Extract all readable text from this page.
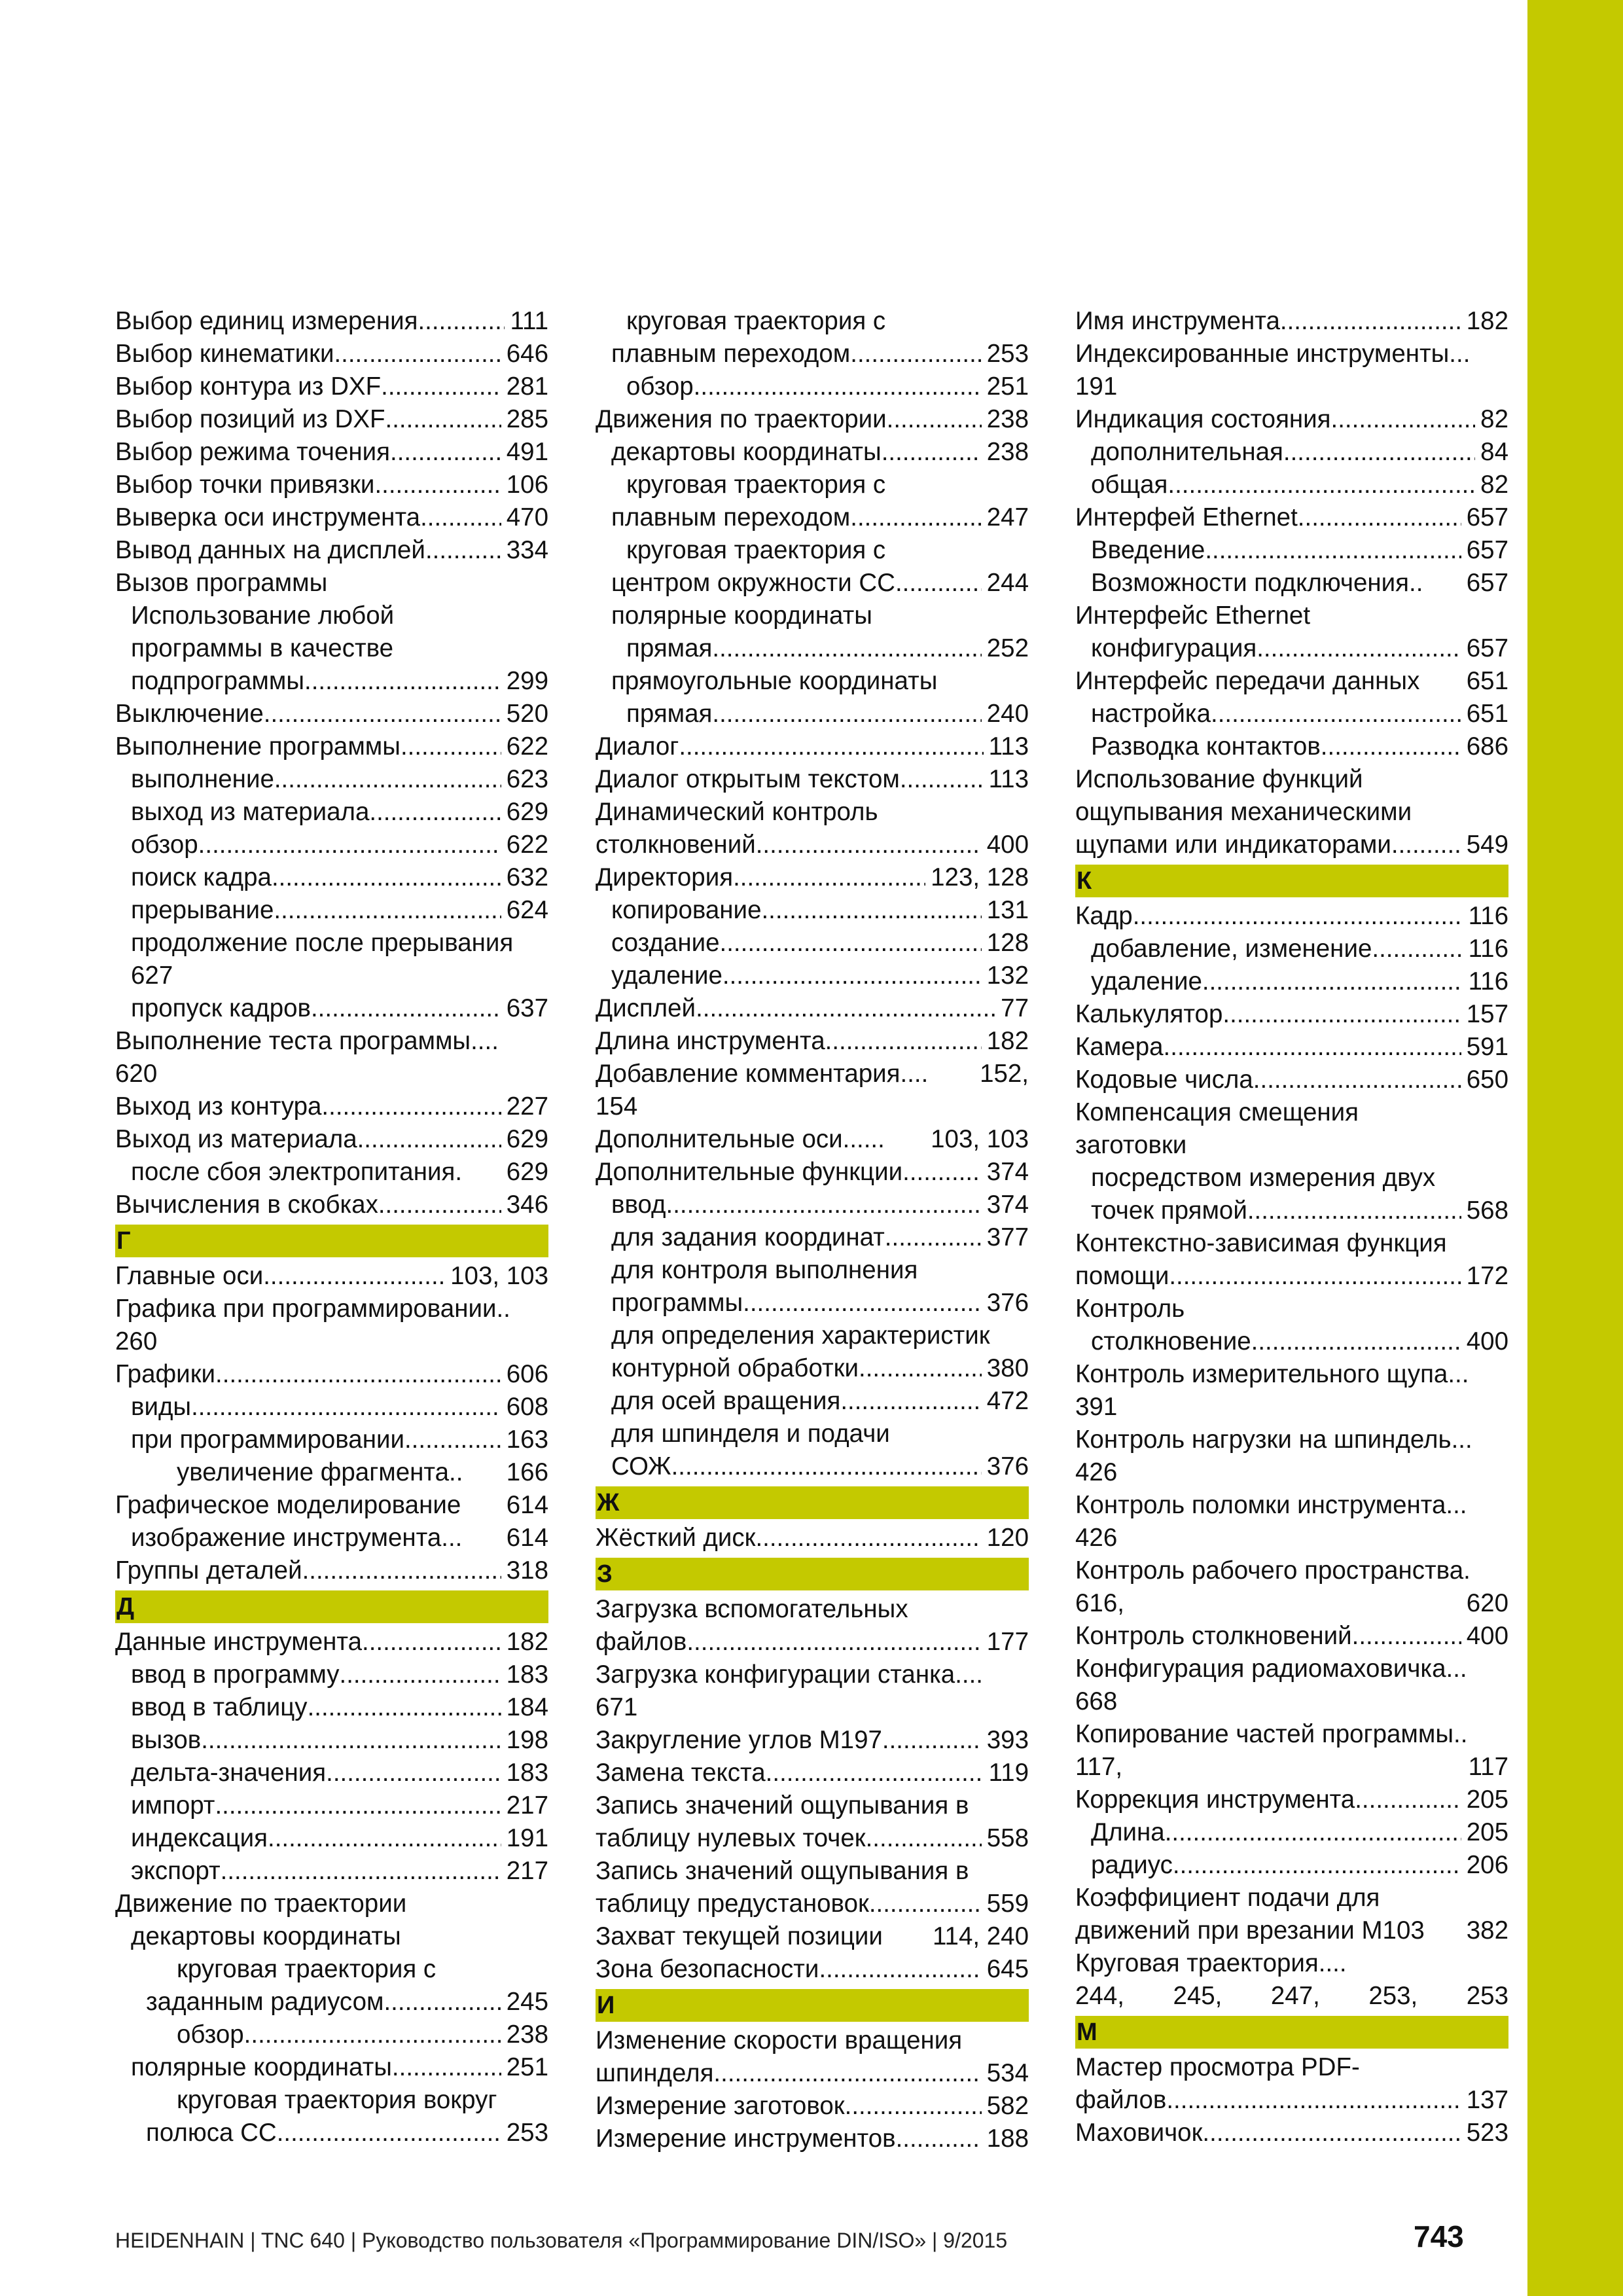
Выбор единиц измерения .....	111
Выбор кинематики .....	646
Выбор контура из DXF .....	281
Выбор позиций из DXF .....	285
Выбор режима точения .....	491
Выбор точки привязки .....	106
Выверка оси инструмента .....	470
Вывод данных на дисплей .....	334
Вызов программы
Использование любой
программы в качестве
подпрограммы .....	299
Выключение .....	520
Выполнение программы .....	622
выполнение .....	623
выход из материала .....	629
обзор .....	622
поиск кадра .....	632
прерывание .....	624
продолжение после прерывания
627
пропуск кадров .....	637
Выполнение теста программы....
620
Выход из контура .....	227
Выход из материала .....	629
после сбоя электропитания. 629
Вычисления в скобках .....	346
Г
Главные оси .....	103, 103
Графика при программировании..
260
Графики .....	606
виды .....	608
при программировании .....	163
увеличение фрагмента.. 166
Графическое моделирование 614
изображение инструмента... 614
Группы деталей .....	318
Д
Данные инструмента .....	182
ввод в программу .....	183
ввод в таблицу .....	184
вызов .....	198
дельта-значения .....	183
импорт .....	217
индексация .....	191
экспорт .....	217
Движение по траектории
декартовы координаты
круговая траектория с
заданным радиусом .....	245
обзор .....	238
полярные координаты .....	251
круговая траектория вокруг
полюса СС .....	253
круговая траектория с
плавным переходом .....	253
обзор .....	251
Движения по траектории .....	238
декартовы координаты .....	238
круговая траектория с
плавным переходом .....	247
круговая траектория с
центром окружности СС .....	244
полярные координаты
прямая .....	252
прямоугольные координаты
прямая .....	240
Диалог .....	113
Диалог открытым текстом .....	113
Динамический контроль
столкновений .....	400
Директория .....	123, 128
копирование .....	131
создание .....	128
удаление .....	132
Дисплей .....	77
Длина инструмента .....	182
Добавление комментария.... 152,
154
Дополнительные оси...... 103, 103
Дополнительные функции .....	374
ввод .....	374
для задания координат .....	377
для контроля выполнения
программы .....	376
для определения характеристик
контурной обработки .....	380
для осей вращения .....	472
для шпинделя и подачи
СОЖ .....	376
Ж
Жёсткий диск .....	120
З
Загрузка вспомогательных
файлов .....	177
Загрузка конфигурации станка....
671
Закругление углов M197 .....	393
Замена текста .....	119
Запись значений ощупывания в
таблицу нулевых точек .....	558
Запись значений ощупывания в
таблицу предустановок .....	559
Захват текущей позиции 114, 240
Зона безопасности .....	645
И
Изменение скорости вращения
шпинделя .....	534
Измерение заготовок .....	582
Измерение инструментов .....	188
Имя инструмента .....	182
Индексированные инструменты...
191
Индикация состояния .....	82
дополнительная .....	84
общая .....	82
Интерфей Ethernet .....	657
Введение .....	657
Возможности подключения.. 657
Интерфейс Ethernet
конфигурация .....	657
Интерфейс передачи данных 651
настройка .....	651
Разводка контактов .....	686
Использование функций
ощупывания механическими
щупами или индикаторами .....	549
К
Кадр .....	116
добавление, изменение .....	116
удаление .....	116
Калькулятор .....	157
Камера .....	591
Кодовые числа .....	650
Компенсация смещения
заготовки
посредством измерения двух
точек прямой .....	568
Контекстно-зависимая функция
помощи .....	172
Контроль
столкновение .....	400
Контроль измерительного щупа...
391
Контроль нагрузки на шпиндель...
426
Контроль поломки инструмента...
426
Контроль рабочего пространства.
616,	620
Контроль столкновений .....	400
Конфигурация радиомаховичка...
668
Копирование частей программы..
117,	117
Коррекция инструмента .....	205
Длина .....	205
радиус .....	206
Коэффициент подачи для
движений при врезании M103 382
Круговая траектория....
244, 245, 247, 253, 253
М
Мастер просмотра PDF-
файлов .....	137
Маховичок .....	523
HEIDENHAIN | TNC 640 | Руководство пользователя «Программирование DIN/ISO» | 9/2015	743
